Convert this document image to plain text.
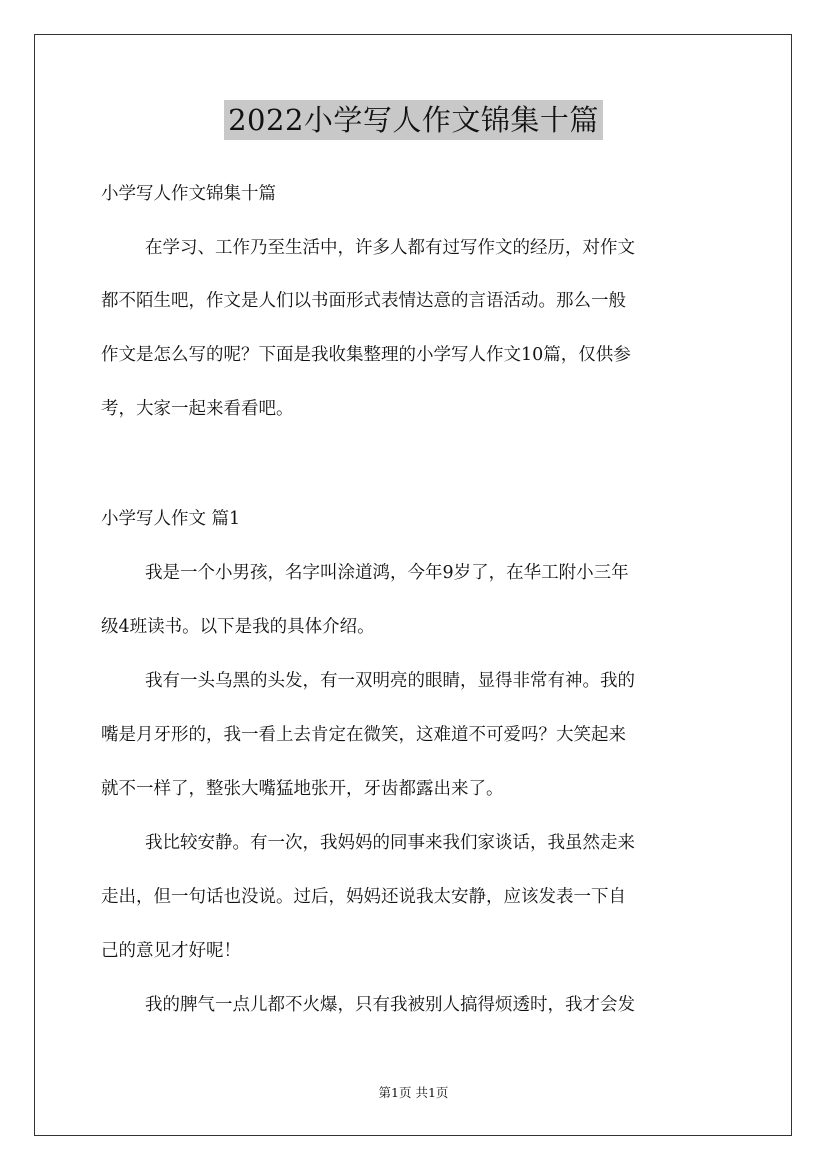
2022小学写人作文锦集十篇
小学写人作文锦集十篇
在学习、工作乃至生活中，许多人都有过写作文的经历，对作文
都不陌生吧，作文是人们以书面形式表情达意的言语活动。那么一般
作文是怎么写的呢？下面是我收集整理的小学写人作文10篇，仅供参
考，大家一起来看看吧。
小学写人作文 篇1
我是一个小男孩，名字叫涂道鸿，今年9岁了，在华工附小三年
级4班读书。以下是我的具体介绍。
我有一头乌黑的头发，有一双明亮的眼睛，显得非常有神。我的
嘴是月牙形的，我一看上去肯定在微笑，这难道不可爱吗？大笑起来
就不一样了，整张大嘴猛地张开，牙齿都露出来了。
我比较安静。有一次，我妈妈的同事来我们家谈话，我虽然走来
走出，但一句话也没说。过后，妈妈还说我太安静，应该发表一下自
己的意见才好呢！
我的脾气一点儿都不火爆，只有我被别人搞得烦透时，我才会发
第1页 共1页
